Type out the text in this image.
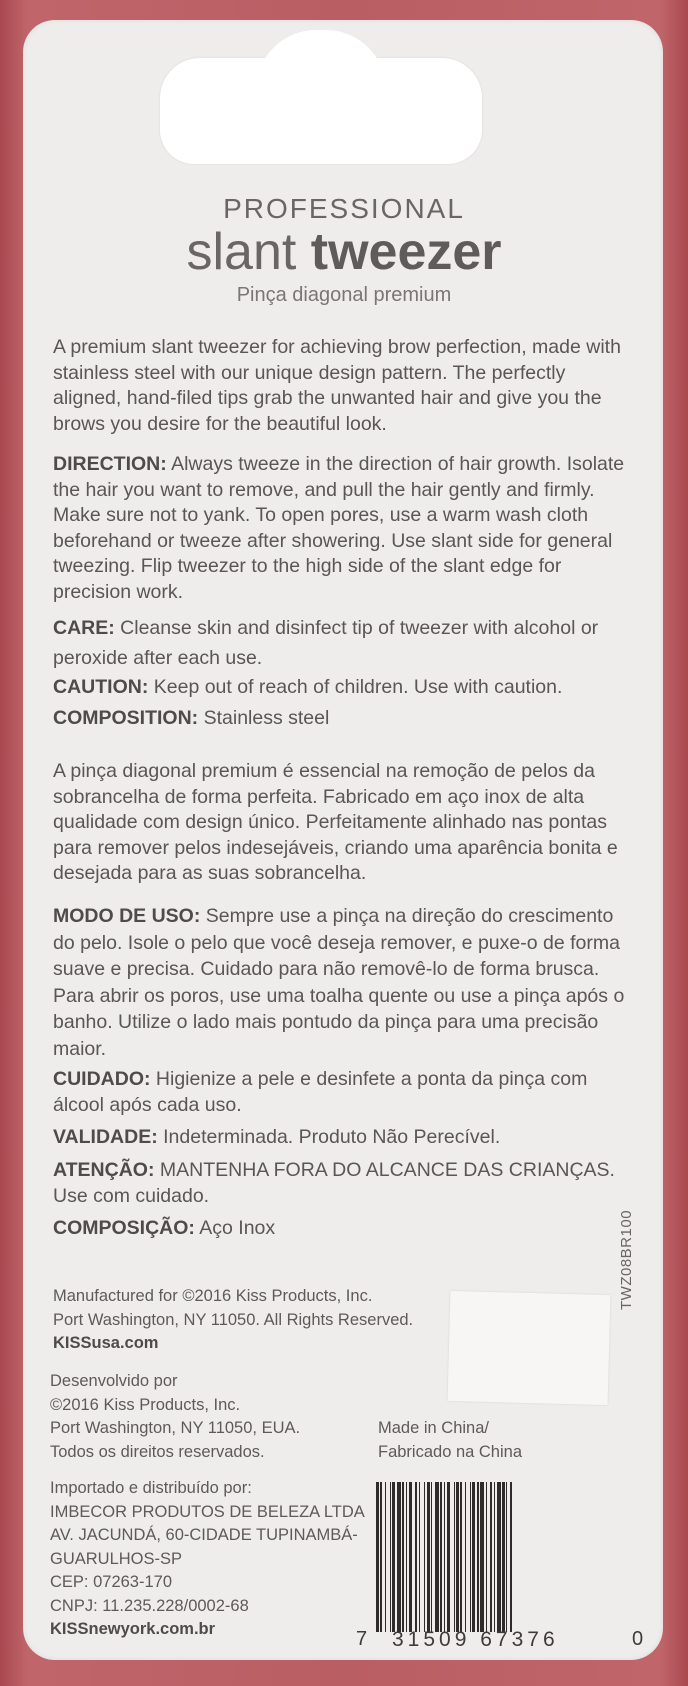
PROFESSIONAL
slant tweezer
Pinça diagonal premium
A premium slant tweezer for achieving brow perfection, made with stainless steel with our unique design pattern. The perfectly aligned, hand-filed tips grab the unwanted hair and give you the brows you desire for the beautiful look.
DIRECTION: Always tweeze in the direction of hair growth. Isolate the hair you want to remove, and pull the hair gently and firmly. Make sure not to yank. To open pores, use a warm wash cloth beforehand or tweeze after showering. Use slant side for general tweezing. Flip tweezer to the high side of the slant edge for precision work.
CARE: Cleanse skin and disinfect tip of tweezer with alcohol or peroxide after each use.
CAUTION: Keep out of reach of children. Use with caution.
COMPOSITION: Stainless steel
A pinça diagonal premium é essencial na remoção de pelos da sobrancelha de forma perfeita. Fabricado em aço inox de alta qualidade com design único. Perfeitamente alinhado nas pontas para remover pelos indesejáveis, criando uma aparência bonita e desejada para as suas sobrancelha.
MODO DE USO: Sempre use a pinça na direção do crescimento do pelo. Isole o pelo que você deseja remover, e puxe-o de forma suave e precisa. Cuidado para não removê-lo de forma brusca. Para abrir os poros, use uma toalha quente ou use a pinça após o banho. Utilize o lado mais pontudo da pinça para uma precisão maior.
CUIDADO: Higienize a pele e desinfete a ponta da pinça com álcool após cada uso.
VALIDADE: Indeterminada. Produto Não Perecível.
ATENÇÃO: MANTENHA FORA DO ALCANCE DAS CRIANÇAS. Use com cuidado.
COMPOSIÇÃO: Aço Inox
Manufactured for ©2016 Kiss Products, Inc.
Port Washington, NY 11050. All Rights Reserved.
KISSusa.com
TWZ08BR100
Desenvolvido por
©2016 Kiss Products, Inc.
Port Washington, NY 11050, EUA.
Todos os direitos reservados.
Made in China/
Fabricado na China
Importado e distribuído por:
IMBECOR PRODUTOS DE BELEZA LTDA
AV. JACUNDÁ, 60-CIDADE TUPINAMBÁ-
GUARULHOS-SP
CEP: 07263-170
CNPJ: 11.235.228/0002-68
KISSnewyork.com.br	7 31509 67376	0
